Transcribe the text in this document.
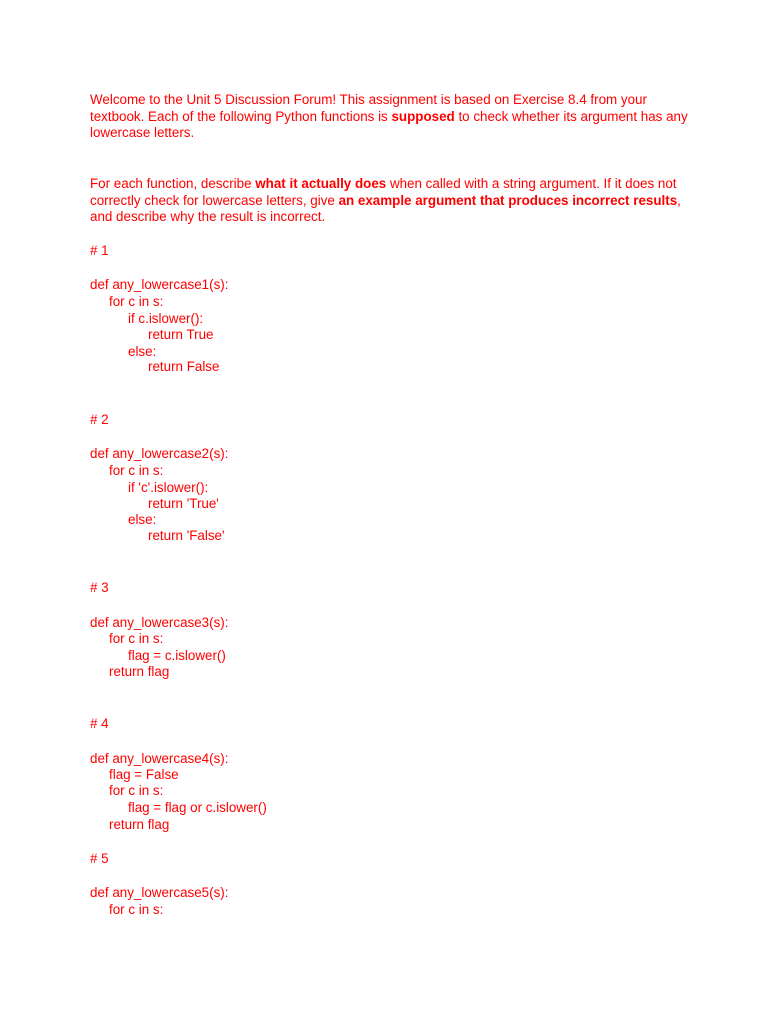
Welcome to the Unit 5 Discussion Forum! This assignment is based on Exercise 8.4 from your textbook. Each of the following Python functions is supposed to check whether its argument has any lowercase letters.

For each function, describe what it actually does when called with a string argument. If it does not correctly check for lowercase letters, give an example argument that produces incorrect results, and describe why the result is incorrect.

# 1
def any_lowercase1(s):
for c in s:
if c.islower():
return True
else:
return False
# 2
def any_lowercase2(s):
for c in s:
if 'c'.islower():
return 'True'
else:
return 'False'
# 3
def any_lowercase3(s):
for c in s:
flag = c.islower()
return flag
# 4
def any_lowercase4(s):
flag = False
for c in s:
flag = flag or c.islower()
return flag
# 5
def any_lowercase5(s):
for c in s:
